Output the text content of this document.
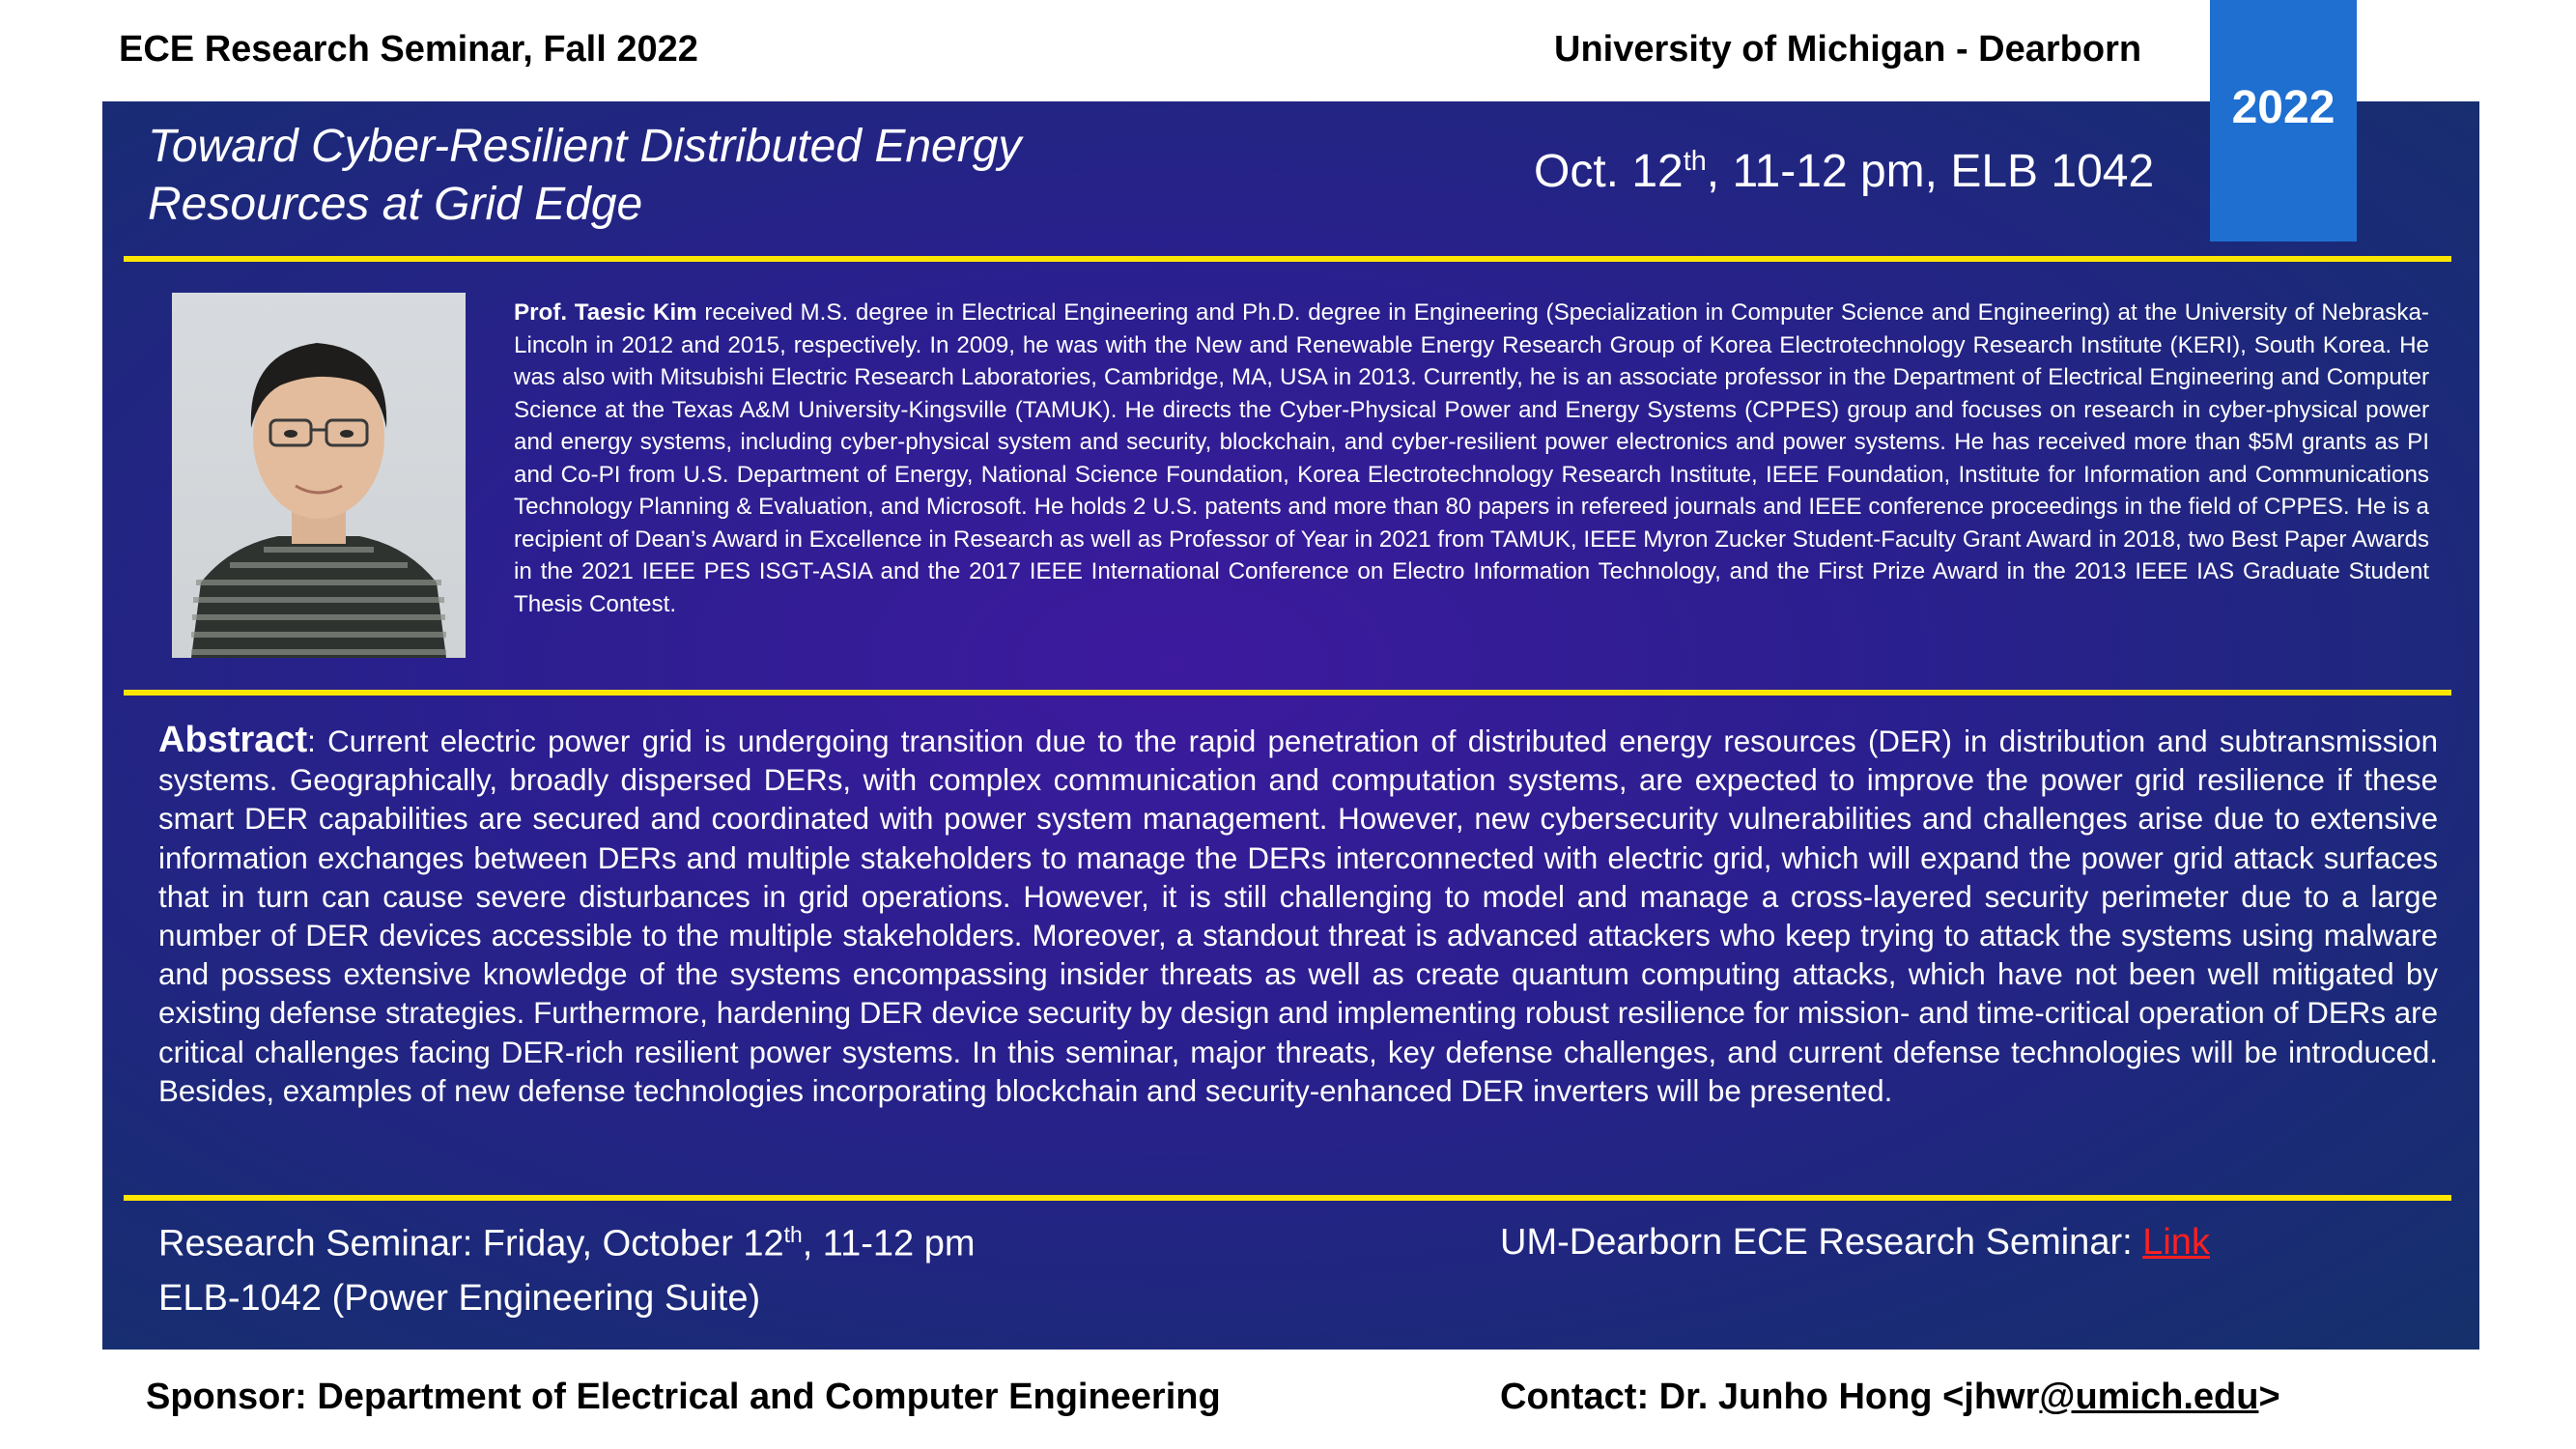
ECE Research Seminar, Fall 2022	University of Michigan - Dearborn
2022
Toward Cyber-Resilient Distributed Energy
Resources at Grid Edge
Oct. 12th, 11-12 pm, ELB 1042
Prof. Taesic Kim received M.S. degree in Electrical Engineering and Ph.D. degree in Engineering (Specialization in Computer Science and Engineering) at the University of Nebraska-Lincoln in 2012 and 2015, respectively. In 2009, he was with the New and Renewable Energy Research Group of Korea Electrotechnology Research Institute (KERI), South Korea. He was also with Mitsubishi Electric Research Laboratories, Cambridge, MA, USA in 2013. Currently, he is an associate professor in the Department of Electrical Engineering and Computer Science at the Texas A&M University-Kingsville (TAMUK). He directs the Cyber-Physical Power and Energy Systems (CPPES) group and focuses on research in cyber-physical power and energy systems, including cyber-physical system and security, blockchain, and cyber-resilient power electronics and power systems. He has received more than $5M grants as PI and Co-PI from U.S. Department of Energy, National Science Foundation, Korea Electrotechnology Research Institute, IEEE Foundation, Institute for Information and Communications Technology Planning & Evaluation, and Microsoft. He holds 2 U.S. patents and more than 80 papers in refereed journals and IEEE conference proceedings in the field of CPPES. He is a recipient of Dean’s Award in Excellence in Research as well as Professor of Year in 2021 from TAMUK, IEEE Myron Zucker Student-Faculty Grant Award in 2018, two Best Paper Awards in the 2021 IEEE PES ISGT-ASIA and the 2017 IEEE International Conference on Electro Information Technology, and the First Prize Award in the 2013 IEEE IAS Graduate Student Thesis Contest.
Abstract: Current electric power grid is undergoing transition due to the rapid penetration of distributed energy resources (DER) in distribution and subtransmission systems. Geographically, broadly dispersed DERs, with complex communication and computation systems, are expected to improve the power grid resilience if these smart DER capabilities are secured and coordinated with power system management. However, new cybersecurity vulnerabilities and challenges arise due to extensive information exchanges between DERs and multiple stakeholders to manage the DERs interconnected with electric grid, which will expand the power grid attack surfaces that in turn can cause severe disturbances in grid operations. However, it is still challenging to model and manage a cross-layered security perimeter due to a large number of DER devices accessible to the multiple stakeholders. Moreover, a standout threat is advanced attackers who keep trying to attack the systems using malware and possess extensive knowledge of the systems encompassing insider threats as well as create quantum computing attacks, which have not been well mitigated by existing defense strategies. Furthermore, hardening DER device security by design and implementing robust resilience for mission- and time-critical operation of DERs are critical challenges facing DER-rich resilient power systems. In this seminar, major threats, key defense challenges, and current defense technologies will be introduced. Besides, examples of new defense technologies incorporating blockchain and security-enhanced DER inverters will be presented.
Research Seminar: Friday, October 12th, 11-12 pm
ELB-1042 (Power Engineering Suite)
UM-Dearborn ECE Research Seminar: Link
Sponsor: Department of Electrical and Computer Engineering	Contact: Dr. Junho Hong <jhwr@umich.edu>
